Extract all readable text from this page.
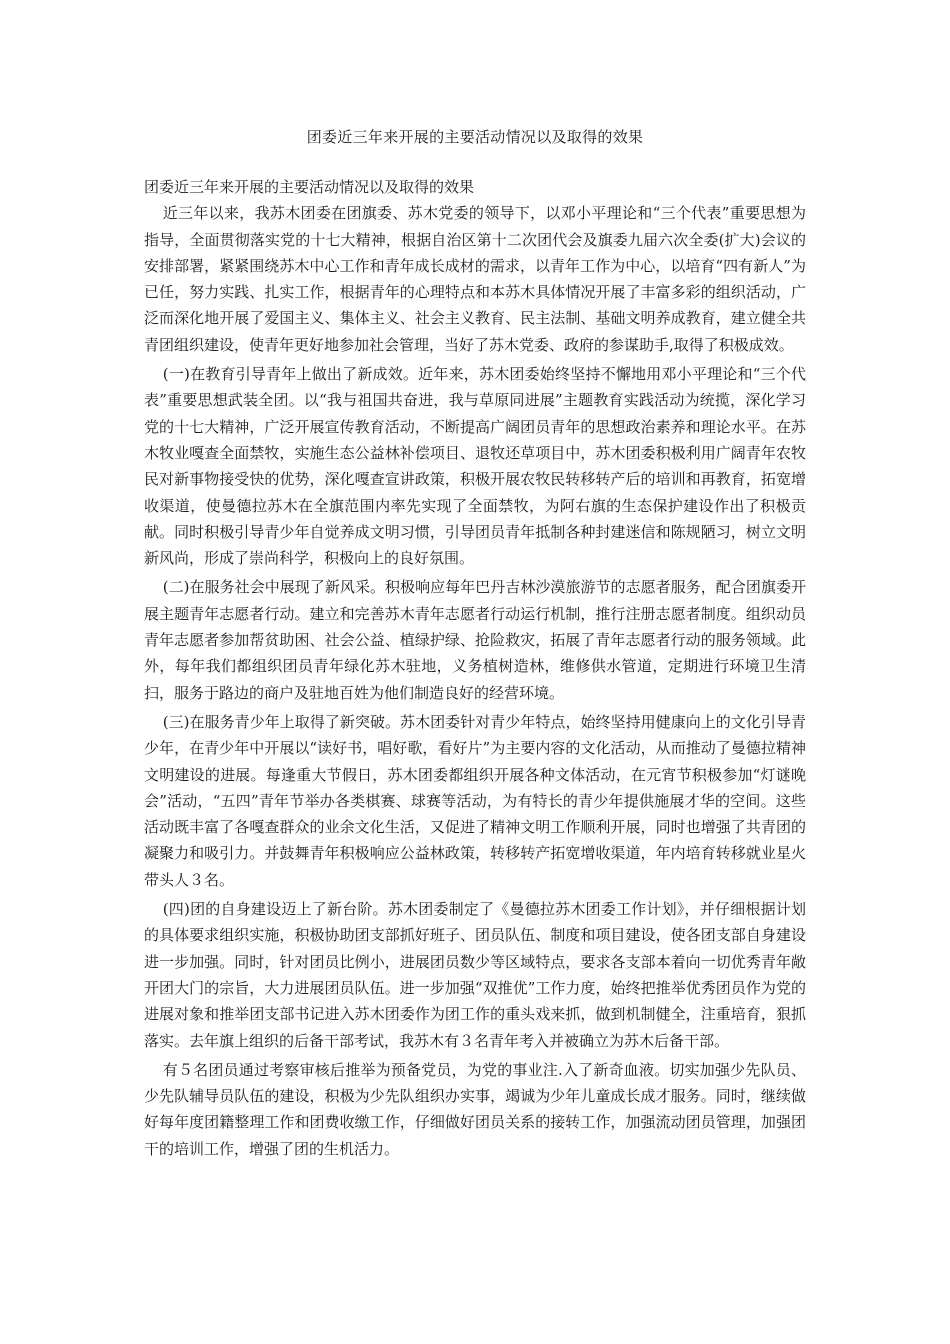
团委近三年来开展的主要活动情况以及取得的效果

团委近三年来开展的主要活动情况以及取得的效果

近三年以来，我苏木团委在团旗委、苏木党委的领导下，以邓小平理论和“三个代表”重要思想为指导，全面贯彻落实党的十七大精神，根据自治区第十二次团代会及旗委九届六次全委(扩大)会议的安排部署，紧紧围绕苏木中心工作和青年成长成材的需求，以青年工作为中心，以培育“四有新人”为已任，努力实践、扎实工作，根据青年的心理特点和本苏木具体情况开展了丰富多彩的组织活动，广泛而深化地开展了爱国主义、集体主义、社会主义教育、民主法制、基础文明养成教育，建立健全共青团组织建设，使青年更好地参加社会管理，当好了苏木党委、政府的参谋助手,取得了积极成效。

(一)在教育引导青年上做出了新成效。近年来，苏木团委始终坚持不懈地用邓小平理论和“三个代表”重要思想武装全团。以“我与祖国共奋进，我与草原同进展”主题教育实践活动为统揽，深化学习党的十七大精神，广泛开展宣传教育活动，不断提高广阔团员青年的思想政治素养和理论水平。在苏木牧业嘎查全面禁牧，实施生态公益林补偿项目、退牧还草项目中，苏木团委积极利用广阔青年农牧民对新事物接受快的优势，深化嘎查宣讲政策，积极开展农牧民转移转产后的培训和再教育，拓宽增收渠道，使曼德拉苏木在全旗范围内率先实现了全面禁牧，为阿右旗的生态保护建设作出了积极贡献。同时积极引导青少年自觉养成文明习惯，引导团员青年抵制各种封建迷信和陈规陋习，树立文明新风尚，形成了崇尚科学，积极向上的良好氛围。

(二)在服务社会中展现了新风采。积极响应每年巴丹吉林沙漠旅游节的志愿者服务，配合团旗委开展主题青年志愿者行动。建立和完善苏木青年志愿者行动运行机制，推行注册志愿者制度。组织动员青年志愿者参加帮贫助困、社会公益、植绿护绿、抢险救灾，拓展了青年志愿者行动的服务领域。此外，每年我们都组织团员青年绿化苏木驻地，义务植树造林，维修供水管道，定期进行环境卫生清扫，服务于路边的商户及驻地百姓为他们制造良好的经营环境。

(三)在服务青少年上取得了新突破。苏木团委针对青少年特点，始终坚持用健康向上的文化引导青少年，在青少年中开展以“读好书，唱好歌，看好片”为主要内容的文化活动，从而推动了曼德拉精神文明建设的进展。每逢重大节假日，苏木团委都组织开展各种文体活动，在元宵节积极参加“灯谜晚会”活动，“五四”青年节举办各类棋赛、球赛等活动，为有特长的青少年提供施展才华的空间。这些活动既丰富了各嘎查群众的业余文化生活，又促进了精神文明工作顺利开展，同时也增强了共青团的凝聚力和吸引力。并鼓舞青年积极响应公益林政策，转移转产拓宽增收渠道，年内培育转移就业星火带头人３名。

(四)团的自身建设迈上了新台阶。苏木团委制定了《曼德拉苏木团委工作计划》，并仔细根据计划的具体要求组织实施，积极协助团支部抓好班子、团员队伍、制度和项目建设，使各团支部自身建设进一步加强。同时，针对团员比例小，进展团员数少等区域特点，要求各支部本着向一切优秀青年敞开团大门的宗旨，大力进展团员队伍。进一步加强“双推优”工作力度，始终把推举优秀团员作为党的进展对象和推举团支部书记进入苏木团委作为团工作的重头戏来抓，做到机制健全，注重培育，狠抓落实。去年旗上组织的后备干部考试，我苏木有３名青年考入并被确立为苏木后备干部。

有５名团员通过考察审核后推举为预备党员，为党的事业注.入了新奇血液。切实加强少先队员、少先队辅导员队伍的建设，积极为少先队组织办实事，竭诚为少年儿童成长成才服务。同时，继续做好每年度团籍整理工作和团费收缴工作，仔细做好团员关系的接转工作，加强流动团员管理，加强团干的培训工作，增强了团的生机活力。
